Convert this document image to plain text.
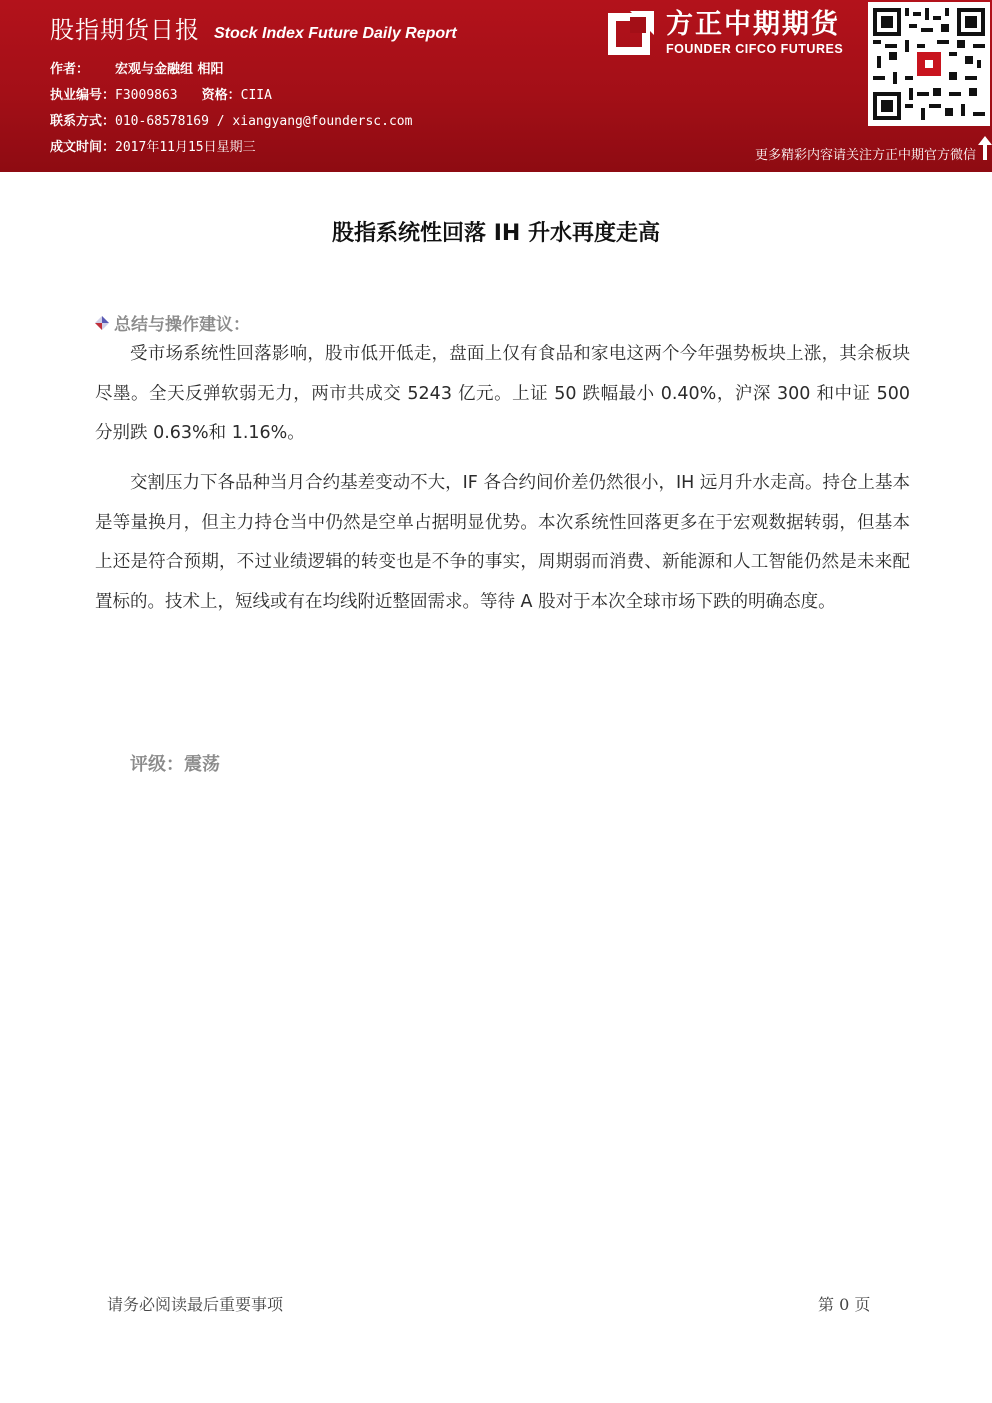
股指期货日报 Stock Index Future Daily Report
作者： 宏观与金融组 相阳
执业编号：F3009863 资格：CIIA
联系方式：010-68578169 / xiangyang@foundersc.com
成文时间：2017年11月15日星期三
方正中期期货
FOUNDER CIFCO FUTURES
更多精彩内容请关注方正中期官方微信
股指系统性回落 IH 升水再度走高
总结与操作建议：

受市场系统性回落影响，股市低开低走，盘面上仅有食品和家电这两个今年强势板块上涨，其余板块尽墨。全天反弹软弱无力，两市共成交 5243 亿元。上证 50 跌幅最小 0.40%，沪深 300 和中证 500 分别跌 0.63%和 1.16%。

交割压力下各品种当月合约基差变动不大，IF 各合约间价差仍然很小，IH 远月升水走高。持仓上基本是等量换月，但主力持仓当中仍然是空单占据明显优势。本次系统性回落更多在于宏观数据转弱，但基本上还是符合预期，不过业绩逻辑的转变也是不争的事实，周期弱而消费、新能源和人工智能仍然是未来配置标的。技术上，短线或有在均线附近整固需求。等待 A 股对于本次全球市场下跌的明确态度。

评级：震荡
请务必阅读最后重要事项	第 0 页
